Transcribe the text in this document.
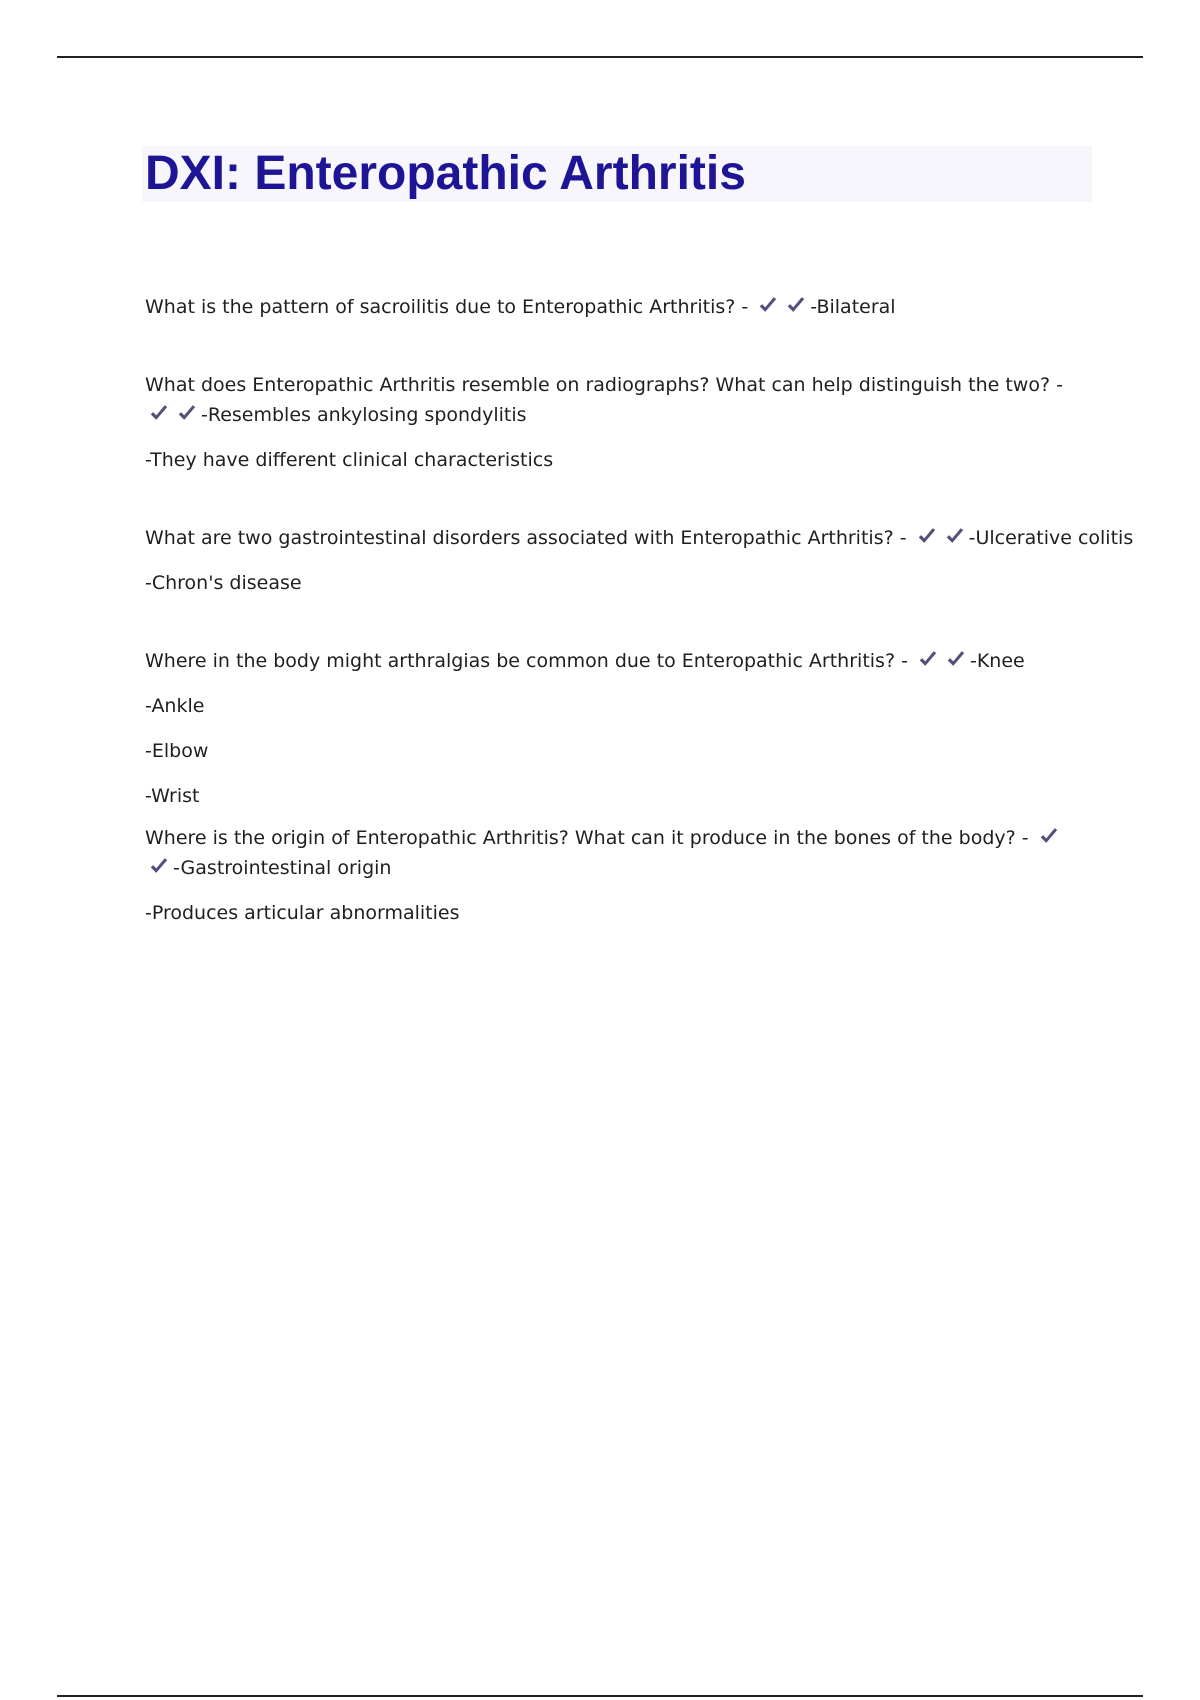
DXI: Enteropathic Arthritis

What is the pattern of sacroilitis due to Enteropathic Arthritis? -	-Bilateral

What does Enteropathic Arthritis resemble on radiographs? What can help distinguish the two? -
-Resembles ankylosing spondylitis

-They have different clinical characteristics

What are two gastrointestinal disorders associated with Enteropathic Arthritis? -	-Ulcerative colitis

-Chron's disease

Where in the body might arthralgias be common due to Enteropathic Arthritis? -	-Knee

-Ankle

-Elbow

-Wrist

Where is the origin of Enteropathic Arthritis? What can it produce in the bones of the body? -
-Gastrointestinal origin

-Produces articular abnormalities
